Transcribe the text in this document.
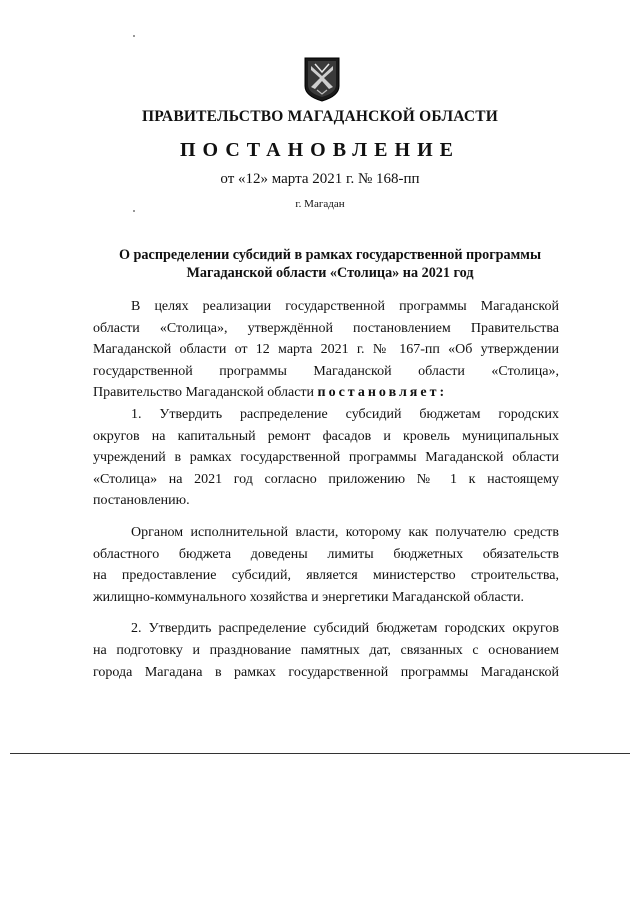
ПРАВИТЕЛЬСТВО МАГАДАНСКОЙ ОБЛАСТИ
ПОСТАНОВЛЕНИЕ
от «12» марта 2021 г. № 168-пп
г. Магадан
О распределении субсидий в рамках государственной программы
Магаданской области «Столица» на 2021 год
В целях реализации государственной программы Магаданской
области «Столица», утверждённой постановлением Правительства
Магаданской области от 12 марта 2021 г. № 167-пп «Об утверждении
государственной программы Магаданской области «Столица»,
Правительство Магаданской области постановляет:
1. Утвердить распределение субсидий бюджетам городских
округов на капитальный ремонт фасадов и кровель муниципальных
учреждений в рамках государственной программы Магаданской области
«Столица» на 2021 год согласно приложению № 1 к настоящему
постановлению.
Органом исполнительной власти, которому как получателю средств
областного бюджета доведены лимиты бюджетных обязательств
на предоставление субсидий, является министерство строительства,
жилищно-коммунального хозяйства и энергетики Магаданской области.
2. Утвердить распределение субсидий бюджетам городских округов
на подготовку и празднование памятных дат, связанных с основанием
города Магадана в рамках государственной программы Магаданской
